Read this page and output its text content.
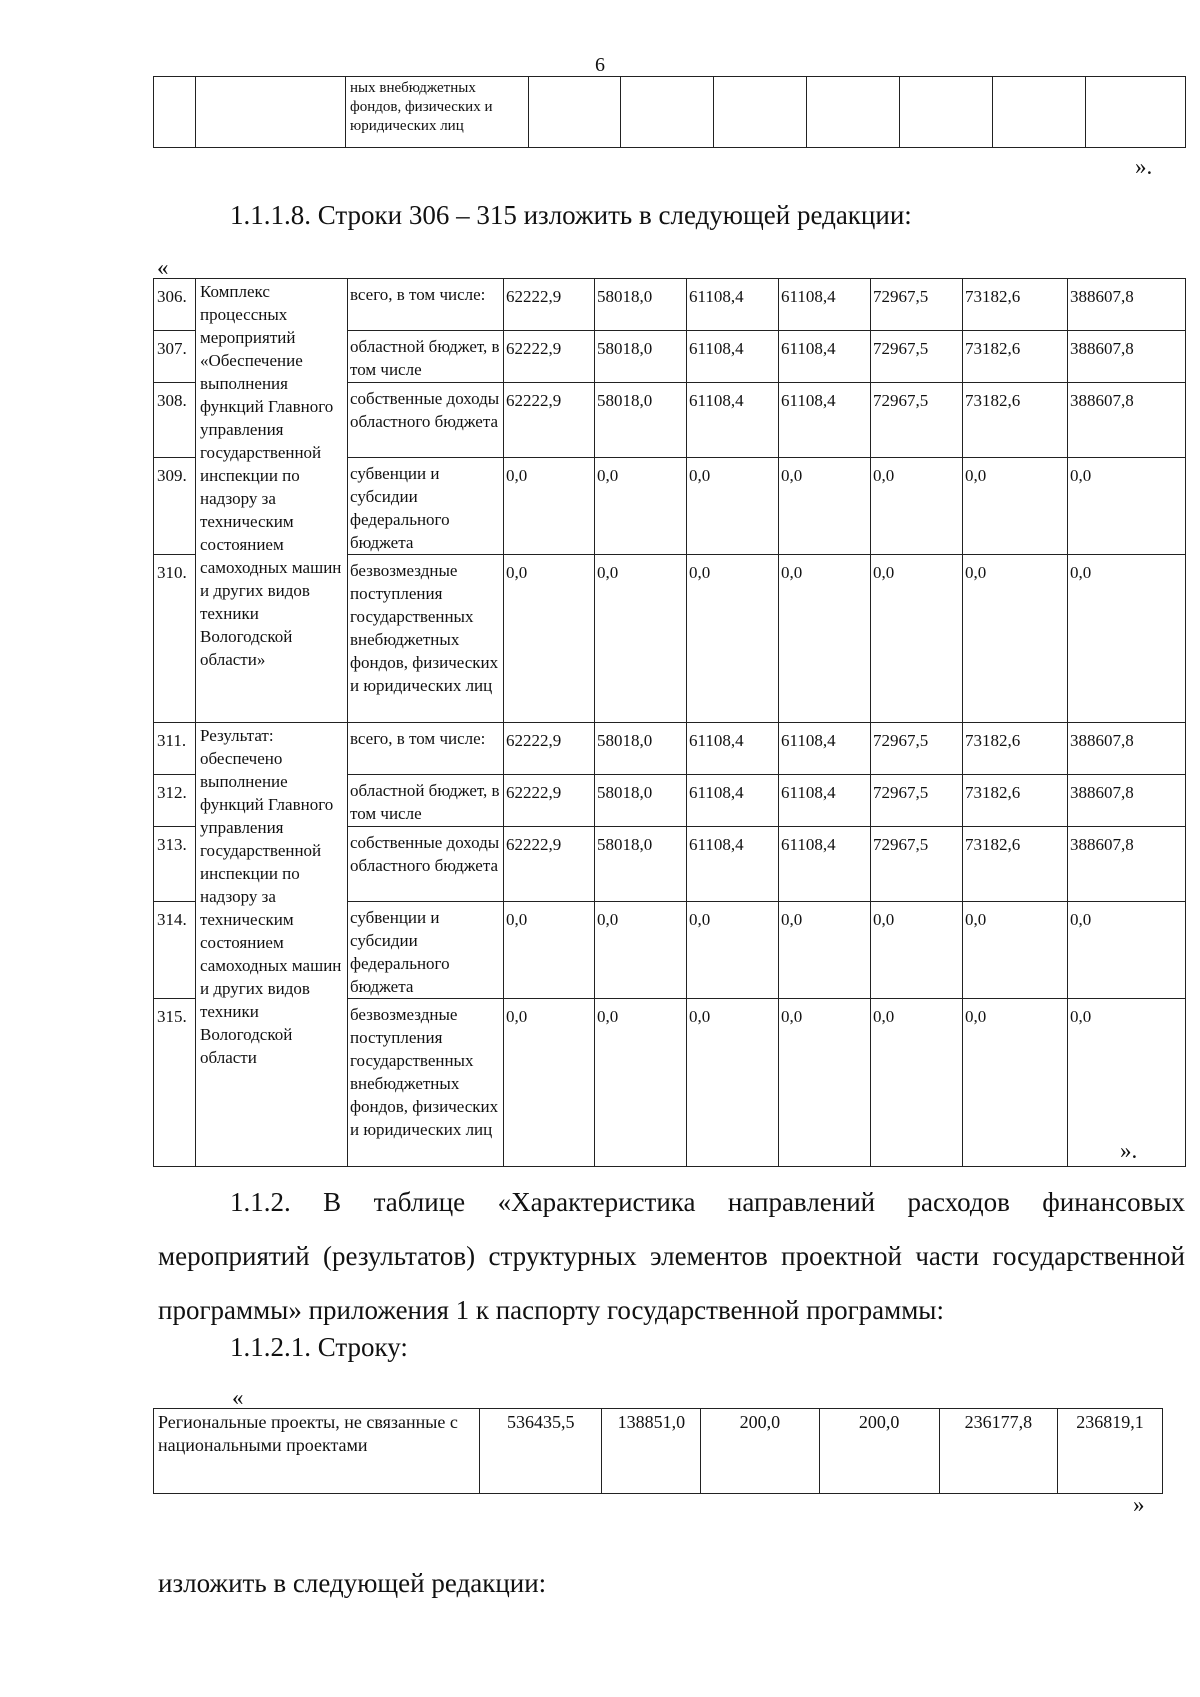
6
		ных внебюджетных фондов, физических и юридических лиц							
».
1.1.1.8. Строки 306 – 315 изложить в следующей редакции:
«
306.	Комплекс процессных мероприятий «Обеспечение выполнения функций Главного управления государственной инспекции по надзору за техническим состоянием самоходных машин и других видов техники Вологодской области»	всего, в том числе:	62222,9	58018,0	61108,4	61108,4	72967,5	73182,6	388607,8
307.		областной бюджет, в том числе	62222,9	58018,0	61108,4	61108,4	72967,5	73182,6	388607,8
308.		собственные доходы областного бюджета	62222,9	58018,0	61108,4	61108,4	72967,5	73182,6	388607,8
309.		субвенции и субсидии федерального бюджета	0,0	0,0	0,0	0,0	0,0	0,0	0,0
310.		безвозмездные поступления государственных внебюджетных фондов, физических и юридических лиц	0,0	0,0	0,0	0,0	0,0	0,0	0,0
311.	Результат: обеспечено выполнение функций Главного управления государственной инспекции по надзору за техническим состоянием самоходных машин и других видов техники Вологодской области	всего, в том числе:	62222,9	58018,0	61108,4	61108,4	72967,5	73182,6	388607,8
312.		областной бюджет, в том числе	62222,9	58018,0	61108,4	61108,4	72967,5	73182,6	388607,8
313.		собственные доходы областного бюджета	62222,9	58018,0	61108,4	61108,4	72967,5	73182,6	388607,8
314.		субвенции и субсидии федерального бюджета	0,0	0,0	0,0	0,0	0,0	0,0	0,0
315.		безвозмездные поступления государственных внебюджетных фондов, физических и юридических лиц	0,0	0,0	0,0	0,0	0,0	0,0	0,0
».
1.1.2. В таблице «Характеристика направлений расходов финансовых мероприятий (результатов) структурных элементов проектной части государственной программы» приложения 1 к паспорту государственной программы:
1.1.2.1. Строку:
«
Региональные проекты, не связанные с национальными проектами	536435,5	138851,0	200,0	200,0	236177,8	236819,1
»
изложить в следующей редакции:
